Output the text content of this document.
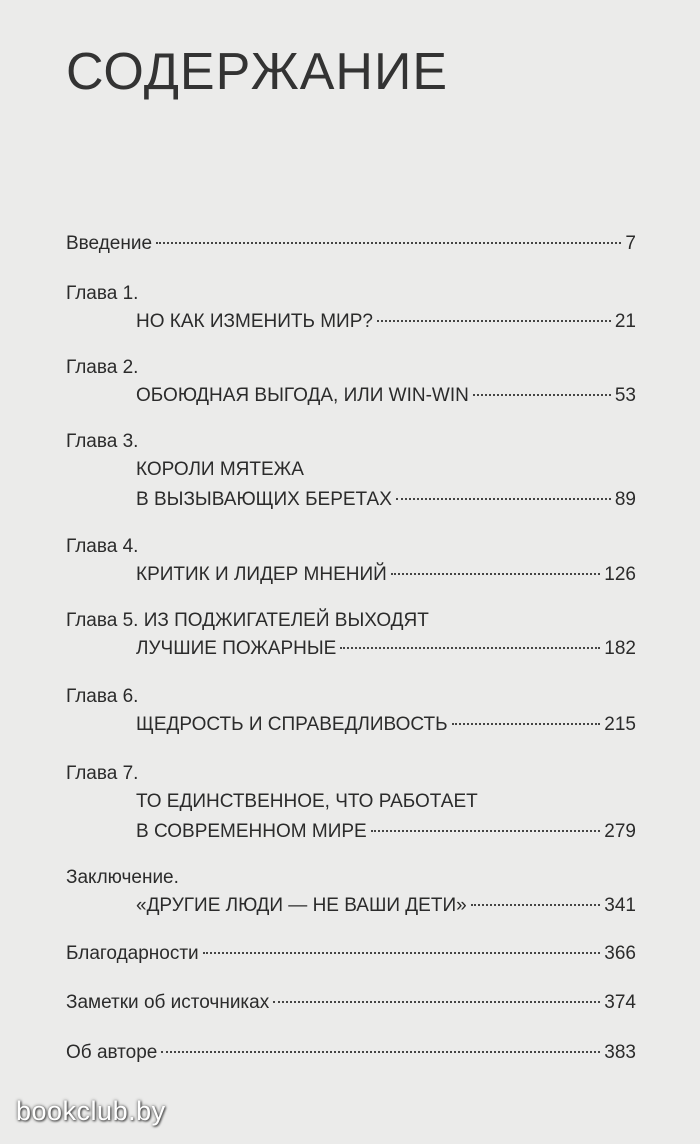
СОДЕРЖАНИЕ
Введение	7
Глава 1.
НО КАК ИЗМЕНИТЬ МИР?	21
Глава 2.
ОБОЮДНАЯ ВЫГОДА, ИЛИ WIN-WIN	53
Глава 3.
КОРОЛИ МЯТЕЖА
В ВЫЗЫВАЮЩИХ БЕРЕТАХ	89
Глава 4.
КРИТИК И ЛИДЕР МНЕНИЙ	126
Глава 5. ИЗ ПОДЖИГАТЕЛЕЙ ВЫХОДЯТ
ЛУЧШИЕ ПОЖАРНЫЕ	182
Глава 6.
ЩЕДРОСТЬ И СПРАВЕДЛИВОСТЬ	215
Глава 7.
ТО ЕДИНСТВЕННОЕ, ЧТО РАБОТАЕТ
В СОВРЕМЕННОМ МИРЕ	279
Заключение.
«ДРУГИЕ ЛЮДИ — НЕ ВАШИ ДЕТИ»	341
Благодарности	366
Заметки об источниках	374
Об авторе	383
bookclub.by
